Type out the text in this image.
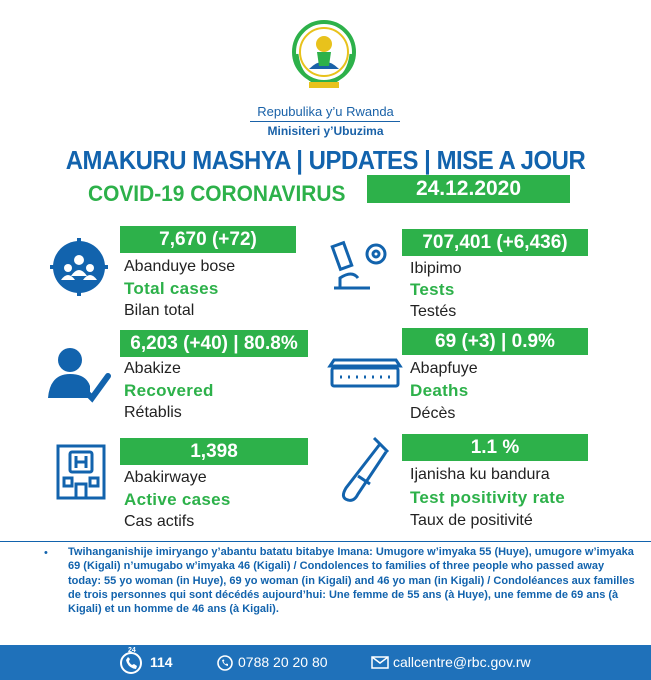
Repubulika y’u Rwanda
Minisiteri y’Ubuzima
AMAKURU MASHYA | UPDATES | MISE A JOUR
COVID-19 CORONAVIRUS	24.12.2020
7,670 (+72)
Abanduye bose
Total cases
Bilan total
707,401 (+6,436)
Ibipimo
Tests
Testés
6,203 (+40) | 80.8%
Abakize
Recovered
Rétablis
69 (+3) | 0.9%
Abapfuye
Deaths
Décès
1,398
Abakirwaye
Active cases
Cas actifs
1.1 %
Ijanisha ku bandura
Test positivity rate
Taux de positivité
• Twihanganishije imiryango y’abantu batatu bitabye Imana: Umugore w’imyaka 55 (Huye), umugore w’imyaka 69 (Kigali) n’umugabo w’imyaka 46 (Kigali) / Condolences to families of three people who passed away today: 55 yo woman (in Huye), 69 yo woman (in Kigali) and 46 yo man (in Kigali) / Condoléances aux familles de trois personnes qui sont décédés aujourd’hui: Une femme de 55 ans (à Huye), une femme de 69 ans (à Kigali) et un homme de 46 ans (à Kigali).
24
114	0788 20 20 80	callcentre@rbc.gov.rw
